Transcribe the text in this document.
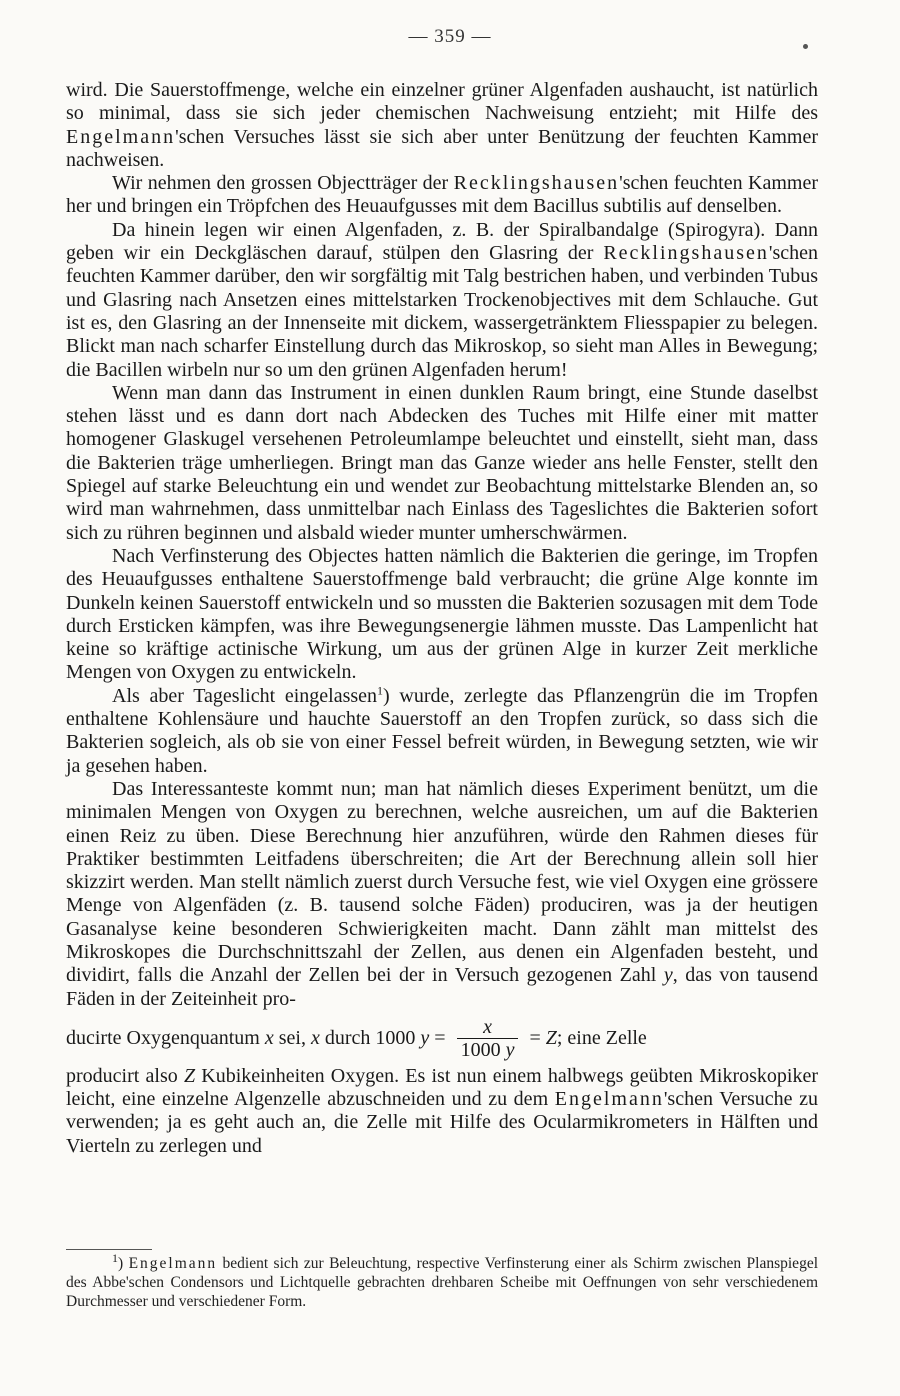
— 359 —

wird. Die Sauerstoffmenge, welche ein einzelner grüner Algenfaden aushaucht, ist natürlich so minimal, dass sie sich jeder chemischen Nachweisung entzieht; mit Hilfe des Engelmann'schen Versuches lässt sie sich aber unter Benützung der feuchten Kammer nachweisen.

Wir nehmen den grossen Objectträger der Recklingshausen'schen feuchten Kammer her und bringen ein Tröpfchen des Heuaufgusses mit dem Bacillus subtilis auf denselben.

Da hinein legen wir einen Algenfaden, z. B. der Spiralbandalge (Spirogyra). Dann geben wir ein Deckgläschen darauf, stülpen den Glasring der Recklingshausen'schen feuchten Kammer darüber, den wir sorgfältig mit Talg bestrichen haben, und verbinden Tubus und Glasring nach Ansetzen eines mittelstarken Trockenobjectives mit dem Schlauche. Gut ist es, den Glasring an der Innenseite mit dickem, wassergetränktem Fliesspapier zu belegen. Blickt man nach scharfer Einstellung durch das Mikroskop, so sieht man Alles in Bewegung; die Bacillen wirbeln nur so um den grünen Algenfaden herum!

Wenn man dann das Instrument in einen dunklen Raum bringt, eine Stunde daselbst stehen lässt und es dann dort nach Abdecken des Tuches mit Hilfe einer mit matter homogener Glaskugel versehenen Petroleumlampe beleuchtet und einstellt, sieht man, dass die Bakterien träge umherliegen. Bringt man das Ganze wieder ans helle Fenster, stellt den Spiegel auf starke Beleuchtung ein und wendet zur Beobachtung mittelstarke Blenden an, so wird man wahrnehmen, dass unmittelbar nach Einlass des Tageslichtes die Bakterien sofort sich zu rühren beginnen und alsbald wieder munter umherschwärmen.

Nach Verfinsterung des Objectes hatten nämlich die Bakterien die geringe, im Tropfen des Heuaufgusses enthaltene Sauerstoffmenge bald verbraucht; die grüne Alge konnte im Dunkeln keinen Sauerstoff entwickeln und so mussten die Bakterien sozusagen mit dem Tode durch Ersticken kämpfen, was ihre Bewegungsenergie lähmen musste. Das Lampenlicht hat keine so kräftige actinische Wirkung, um aus der grünen Alge in kurzer Zeit merkliche Mengen von Oxygen zu entwickeln.

Als aber Tageslicht eingelassen$^1$) wurde, zerlegte das Pflanzengrün die im Tropfen enthaltene Kohlensäure und hauchte Sauerstoff an den Tropfen zurück, so dass sich die Bakterien sogleich, als ob sie von einer Fessel befreit würden, in Bewegung setzten, wie wir ja gesehen haben.

Das Interessanteste kommt nun; man hat nämlich dieses Experiment benützt, um die minimalen Mengen von Oxygen zu berechnen, welche ausreichen, um auf die Bakterien einen Reiz zu üben. Diese Berechnung hier anzuführen, würde den Rahmen dieses für Praktiker bestimmten Leitfadens überschreiten; die Art der Berechnung allein soll hier skizzirt werden. Man stellt nämlich zuerst durch Versuche fest, wie viel Oxygen eine grössere Menge von Algenfäden (z. B. tausend solche Fäden) produciren, was ja der heutigen Gasanalyse keine besonderen Schwierigkeiten macht. Dann zählt man mittelst des Mikroskopes die Durchschnittszahl der Zellen, aus denen ein Algenfaden besteht, und dividirt, falls die Anzahl der Zellen bei der in Versuch gezogenen Zahl y, das von tausend Fäden in der Zeiteinheit pro-

ducirte Oxygenquantum
x sei, x durch 1000 $y = \frac{x}{1000 y} = Z$ ; eine Zelle

producirt also Z Kubikeinheiten Oxygen. Es ist nun einem halbwegs geübten Mikroskopiker leicht, eine einzelne Algenzelle abzuschneiden und zu dem Engelmann'schen Versuche zu verwenden; ja es geht auch an, die Zelle mit Hilfe des Ocularmikrometers in Hälften und Vierteln zu zerlegen und

$^1$) Engelmann bedient sich zur Beleuchtung, respective Verfinsterung einer als Schirm zwischen Planspiegel des Abbe'schen Condensors und Lichtquelle gebrachten drehbaren Scheibe mit Oeffnungen von sehr verschiedenem Durchmesser und verschiedener Form.
